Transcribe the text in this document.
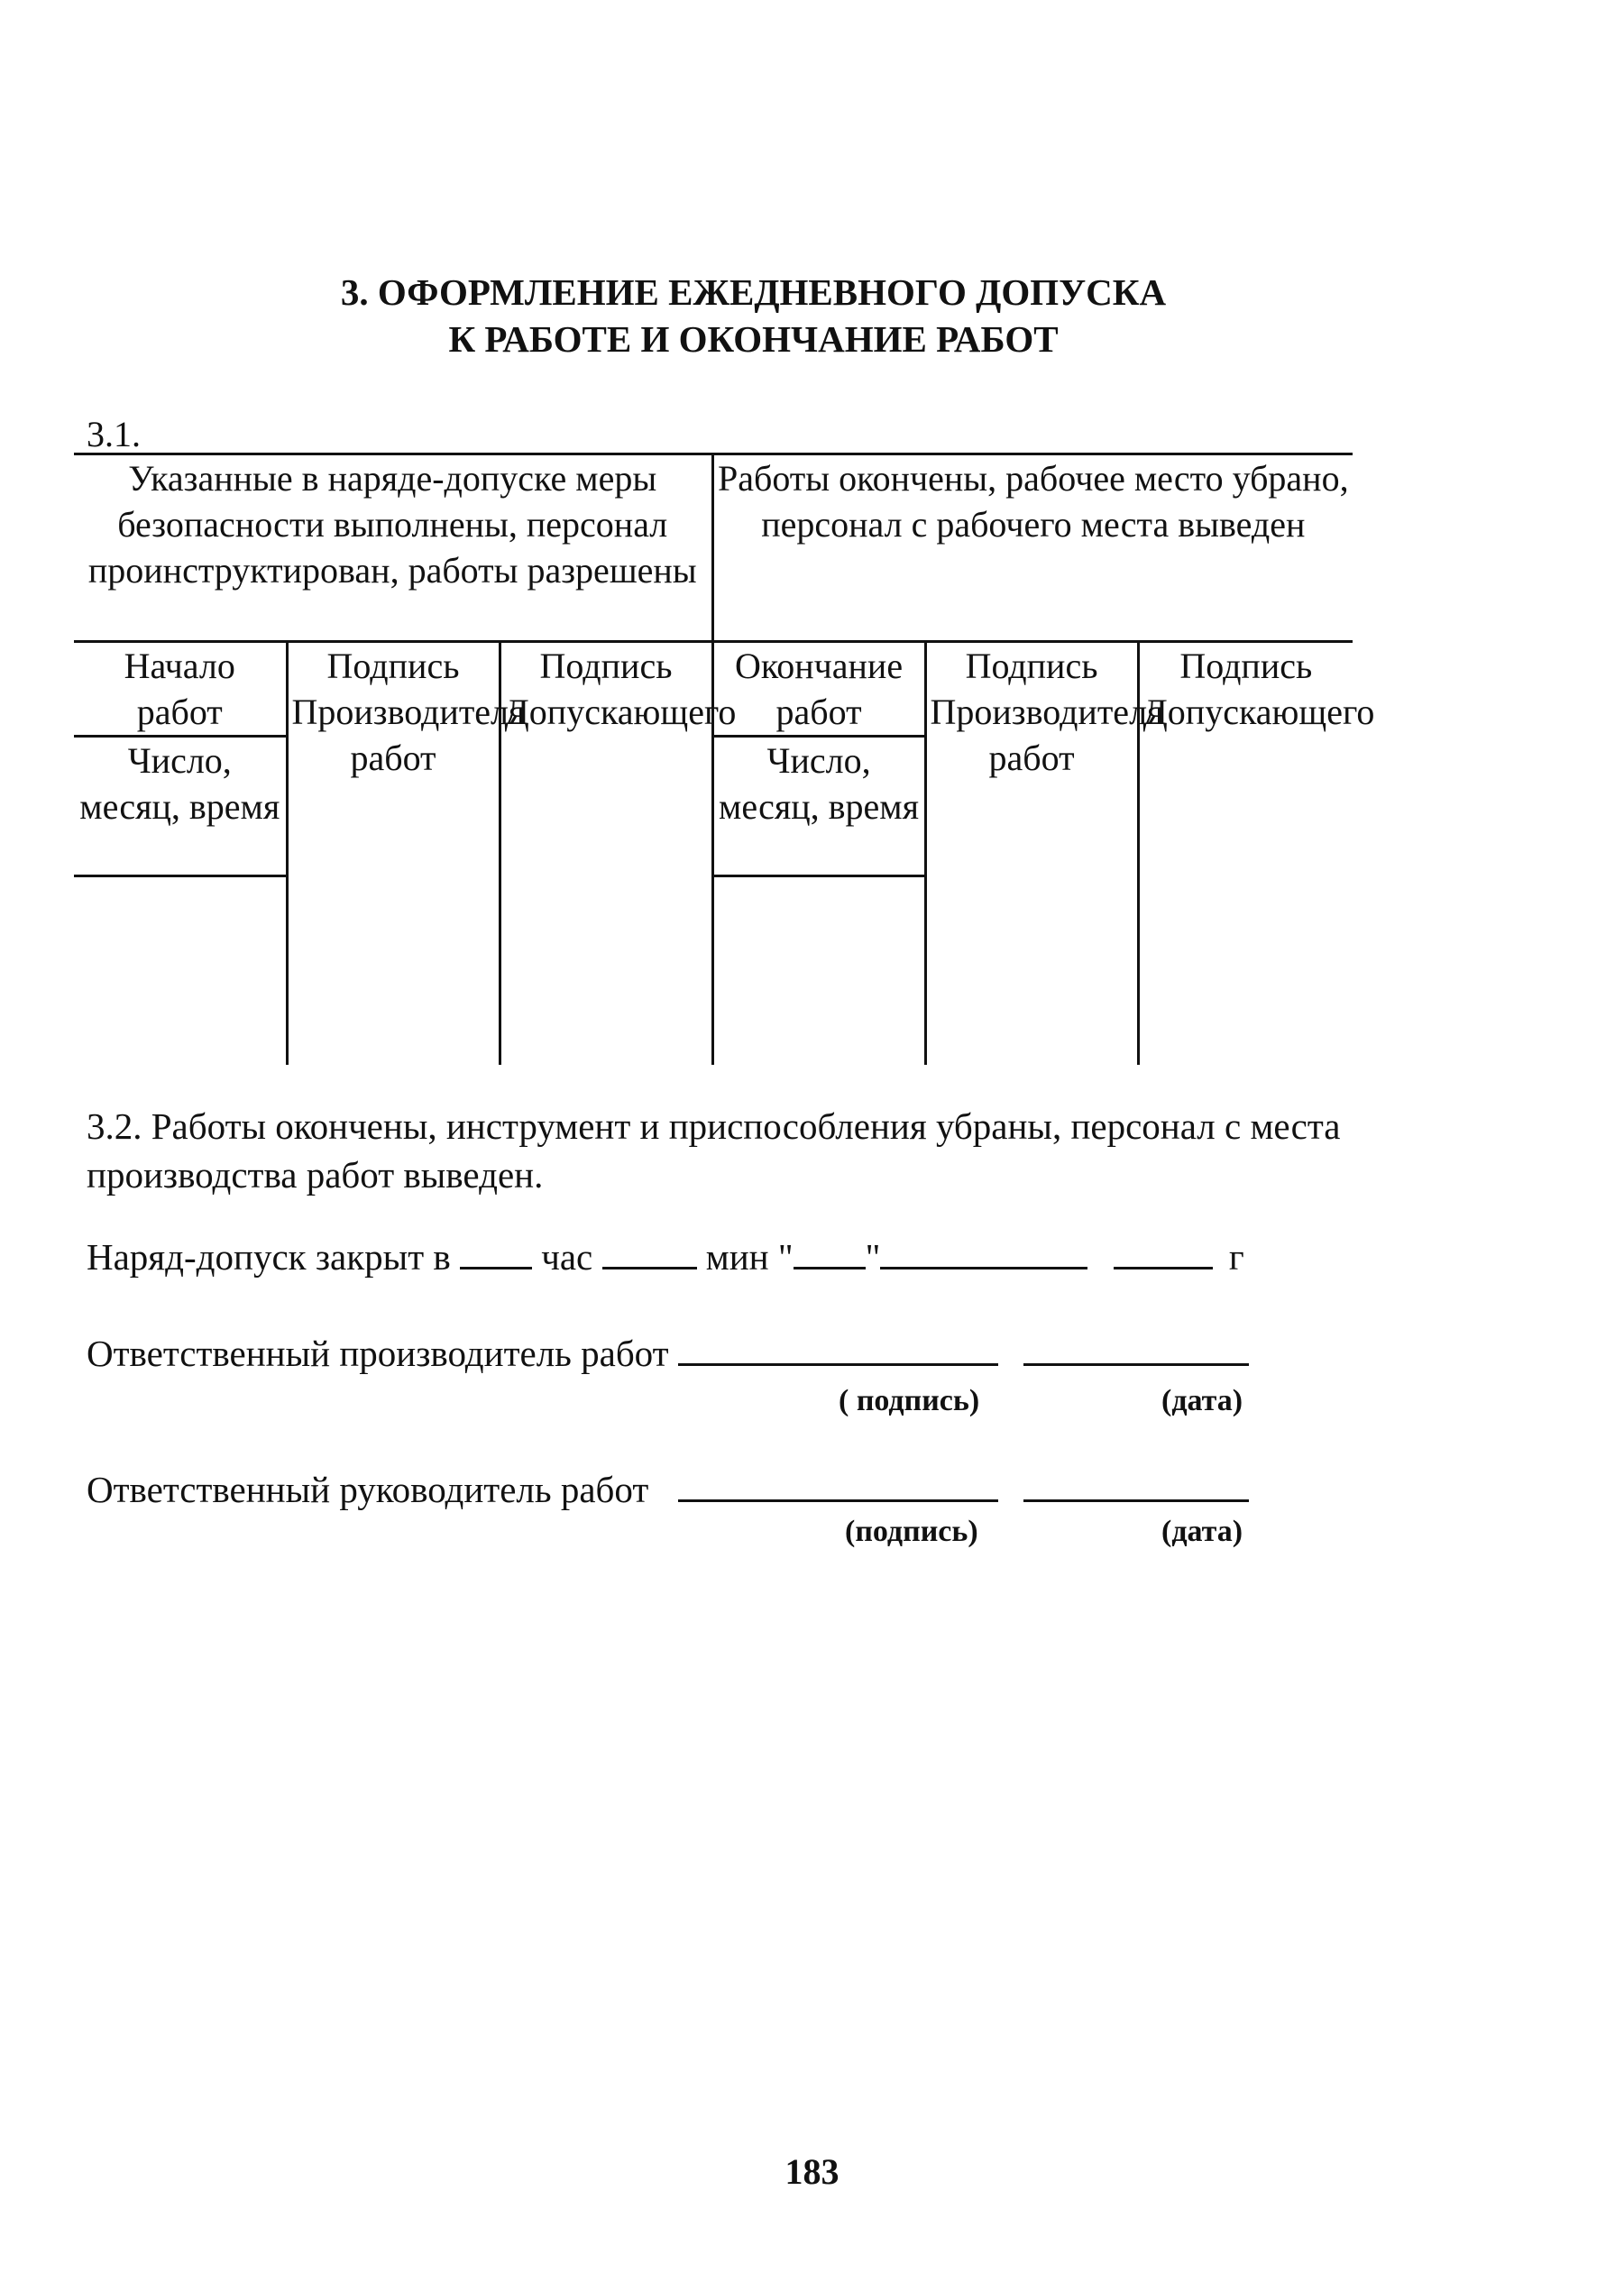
3. ОФОРМЛЕНИЕ ЕЖЕДНЕВНОГО ДОПУСКА
К РАБОТЕ И ОКОНЧАНИЕ РАБОТ
3.1.
Указанные в наряде-допуске меры безопасности выполнены, персонал проинструктирован, работы разрешены			Работы окончены, рабочее место убрано, персонал с рабочего места выведен		
Начало работ	Подпись Производителя работ	Подпись Допускающего	Окончание работ	Подпись Производителя работ	Подпись Допускающего
Число, месяц, время			Число, месяц, время		

3.2. Работы окончены, инструмент и приспособления убраны, персонал с места производства работ выведен.
Наряд-допуск закрыт в час	мин " "	г
Ответственный производитель работ
( подпись)	(дата)
Ответственный руководитель работ
(подпись)	(дата)
183
